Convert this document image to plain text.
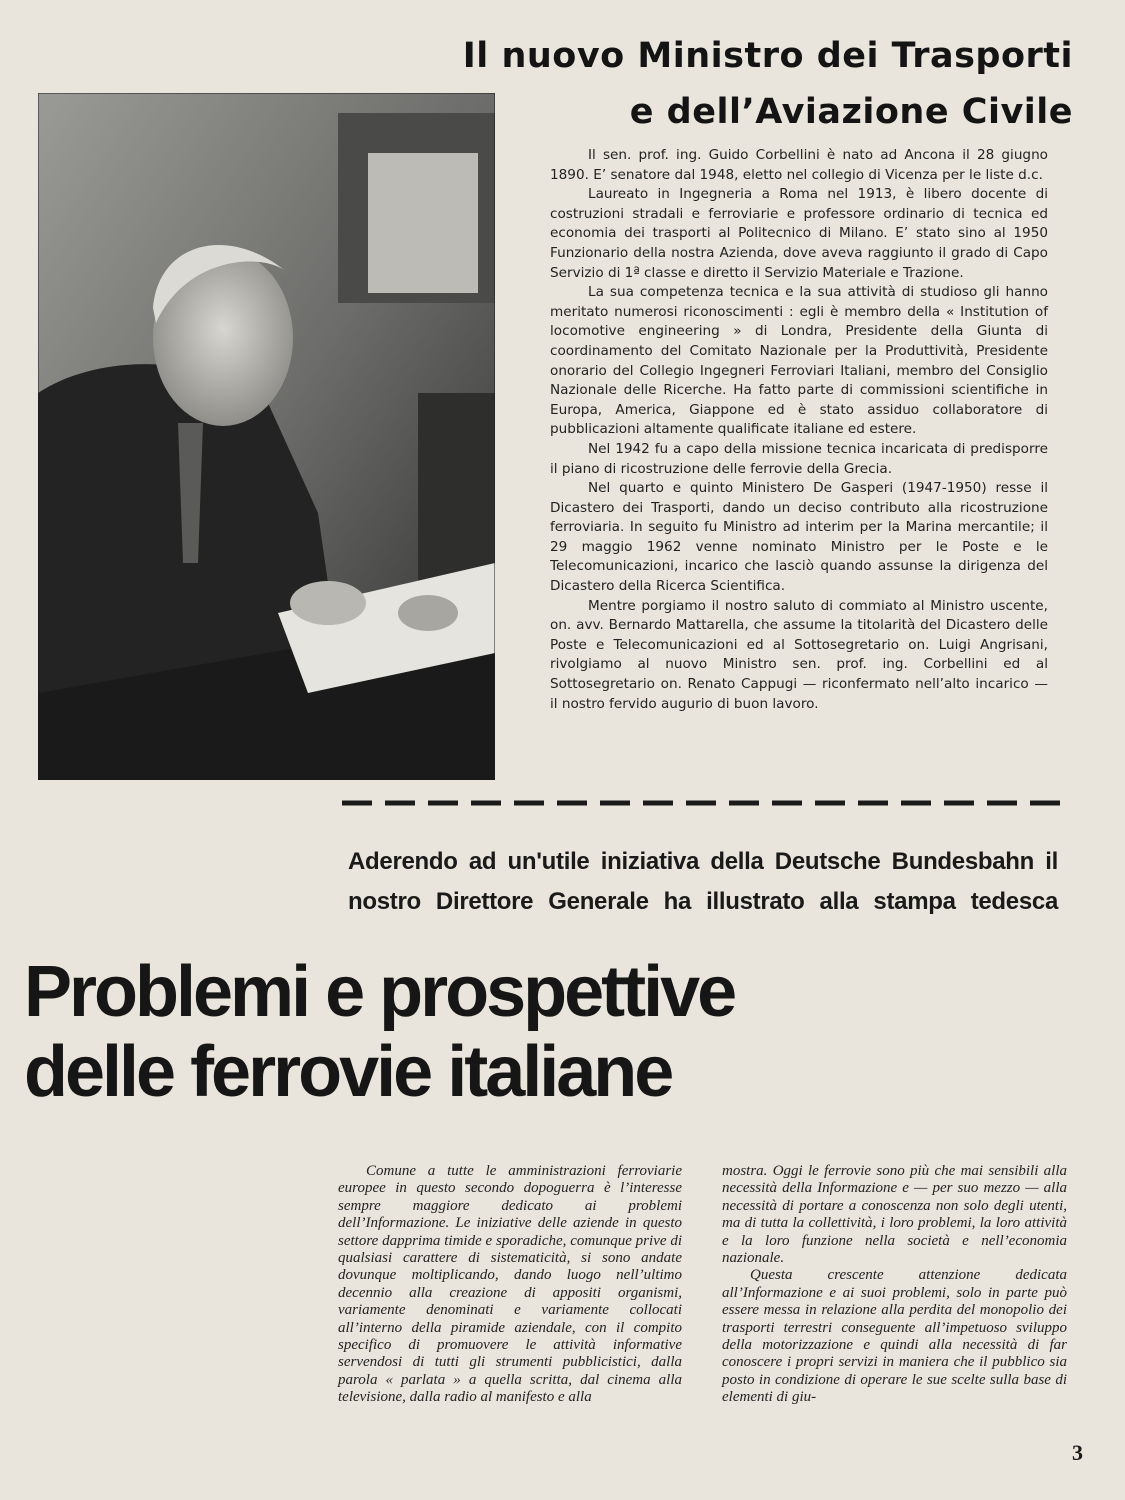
Il nuovo Ministro dei Trasporti
e dell’Aviazione Civile

Il sen. prof. ing. Guido Corbellini è nato ad Ancona il 28 giugno 1890. E’ senatore dal 1948, eletto nel collegio di Vicenza per le liste d.c.

Laureato in Ingegneria a Roma nel 1913, è libero docente di costruzioni stradali e ferroviarie e professore ordinario di tecnica ed economia dei trasporti al Politecnico di Milano. E’ stato sino al 1950 Funzionario della nostra Azienda, dove aveva raggiunto il grado di Capo Servizio di 1ª classe e diretto il Servizio Materiale e Trazione.

La sua competenza tecnica e la sua attività di studioso gli hanno meritato numerosi riconoscimenti : egli è membro della « Institution of locomotive engineering » di Londra, Presidente della Giunta di coordinamento del Comitato Nazionale per la Produttività, Presidente onorario del Collegio Ingegneri Ferroviari Italiani, membro del Consiglio Nazionale delle Ricerche. Ha fatto parte di commissioni scientifiche in Europa, America, Giappone ed è stato assiduo collaboratore di pubblicazioni altamente qualificate italiane ed estere.

Nel 1942 fu a capo della missione tecnica incaricata di predisporre il piano di ricostruzione delle ferrovie della Grecia.

Nel quarto e quinto Ministero De Gasperi (1947-1950) resse il Dicastero dei Trasporti, dando un deciso contributo alla ricostruzione ferroviaria. In seguito fu Ministro ad interim per la Marina mercantile; il 29 maggio 1962 venne nominato Ministro per le Poste e le Telecomunicazioni, incarico che lasciò quando assunse la dirigenza del Dicastero della Ricerca Scientifica.

Mentre porgiamo il nostro saluto di commiato al Ministro uscente, on. avv. Bernardo Mattarella, che assume la titolarità del Dicastero delle Poste e Telecomunicazioni ed al Sottosegretario on. Luigi Angrisani, rivolgiamo al nuovo Ministro sen. prof. ing. Corbellini ed al Sottosegretario on. Renato Cappugi — riconfermato nell’alto incarico — il nostro fervido augurio di buon lavoro.

Aderendo ad un'utile iniziativa della Deutsche Bundesbahn il
nostro Direttore Generale ha illustrato alla stampa tedesca
Problemi e prospettive
delle ferrovie italiane

Comune a tutte le amministrazioni ferroviarie europee in questo secondo dopoguerra è l’interesse sempre maggiore dedicato ai problemi dell’Informazione. Le iniziative delle aziende in questo settore dapprima timide e sporadiche, comunque prive di qualsiasi carattere di sistematicità, si sono andate dovunque moltiplicando, dando luogo nell’ultimo decennio alla creazione di appositi organismi, variamente denominati e variamente collocati all’interno della piramide aziendale, con il compito specifico di promuovere le attività informative servendosi di tutti gli strumenti pubblicistici, dalla parola « parlata » a quella scritta, dal cinema alla televisione, dalla radio al manifesto e alla

mostra. Oggi le ferrovie sono più che mai sensibili alla necessità della Informazione e — per suo mezzo — alla necessità di portare a conoscenza non solo degli utenti, ma di tutta la collettività, i loro problemi, la loro attività e la loro funzione nella società e nell’economia nazionale.

Questa crescente attenzione dedicata all’Informazione e ai suoi problemi, solo in parte può essere messa in relazione alla perdita del monopolio dei trasporti terrestri conseguente all’impetuoso sviluppo della motorizzazione e quindi alla necessità di far conoscere i propri servizi in maniera che il pubblico sia posto in condizione di operare le sue scelte sulla base di elementi di giu-

3
